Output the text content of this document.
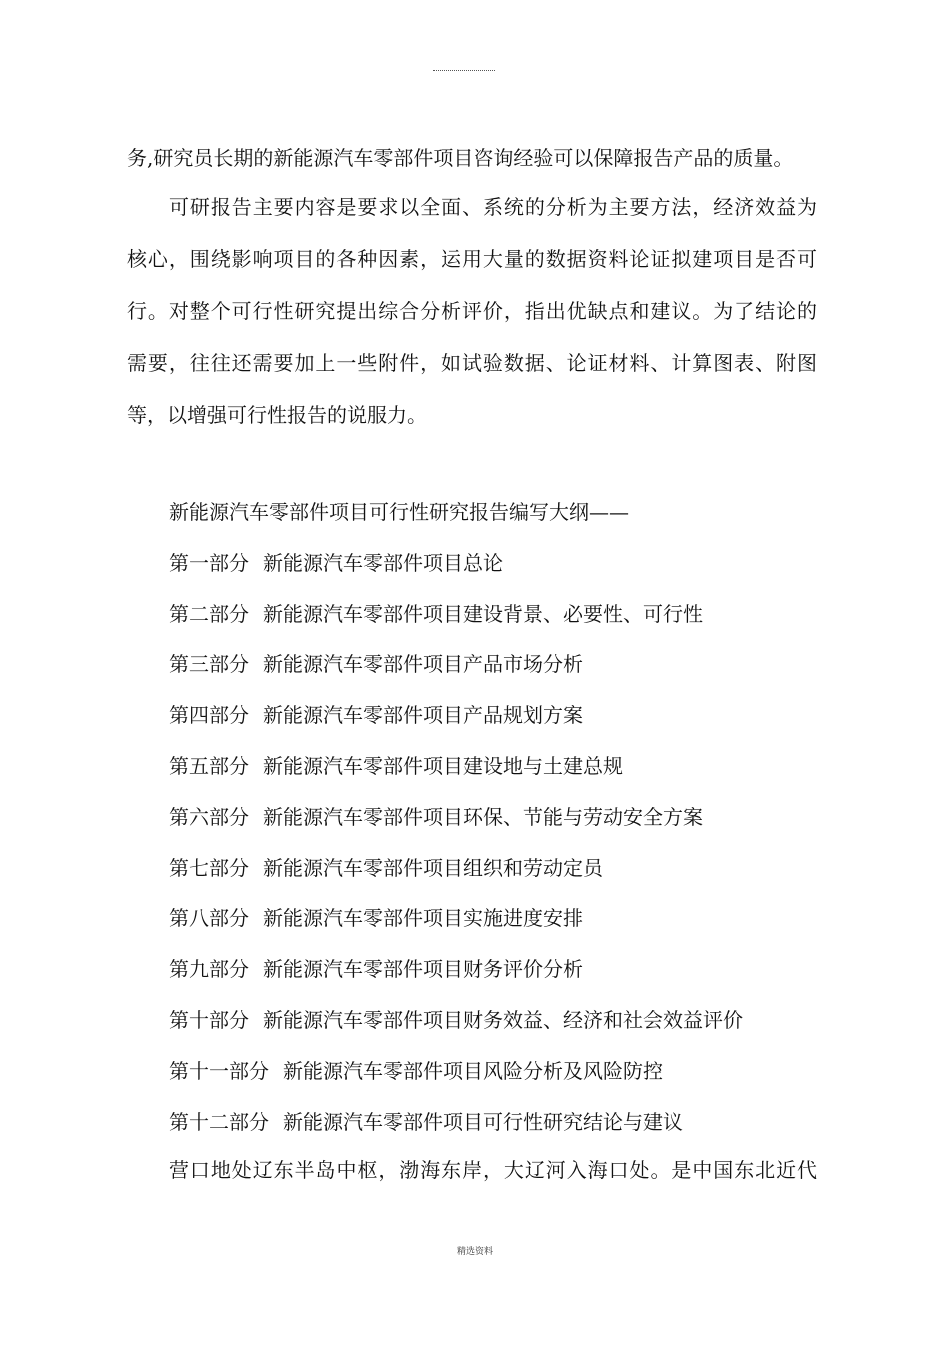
务,研究员长期的新能源汽车零部件项目咨询经验可以保障报告产品的质量。

可研报告主要内容是要求以全面、系统的分析为主要方法，经济效益为
核心，围绕影响项目的各种因素，运用大量的数据资料论证拟建项目是否可
行。对整个可行性研究提出综合分析评价，指出优缺点和建议。为了结论的
需要，往往还需要加上一些附件，如试验数据、论证材料、计算图表、附图
等，以增强可行性报告的说服力。

新能源汽车零部件项目可行性研究报告编写大纲——
第一部分 新能源汽车零部件项目总论
第二部分 新能源汽车零部件项目建设背景、必要性、可行性
第三部分 新能源汽车零部件项目产品市场分析
第四部分 新能源汽车零部件项目产品规划方案
第五部分 新能源汽车零部件项目建设地与土建总规
第六部分 新能源汽车零部件项目环保、节能与劳动安全方案
第七部分 新能源汽车零部件项目组织和劳动定员
第八部分 新能源汽车零部件项目实施进度安排
第九部分 新能源汽车零部件项目财务评价分析
第十部分 新能源汽车零部件项目财务效益、经济和社会效益评价
第十一部分 新能源汽车零部件项目风险分析及风险防控
第十二部分 新能源汽车零部件项目可行性研究结论与建议
营口地处辽东半岛中枢，渤海东岸，大辽河入海口处。是中国东北近代
精选资料
